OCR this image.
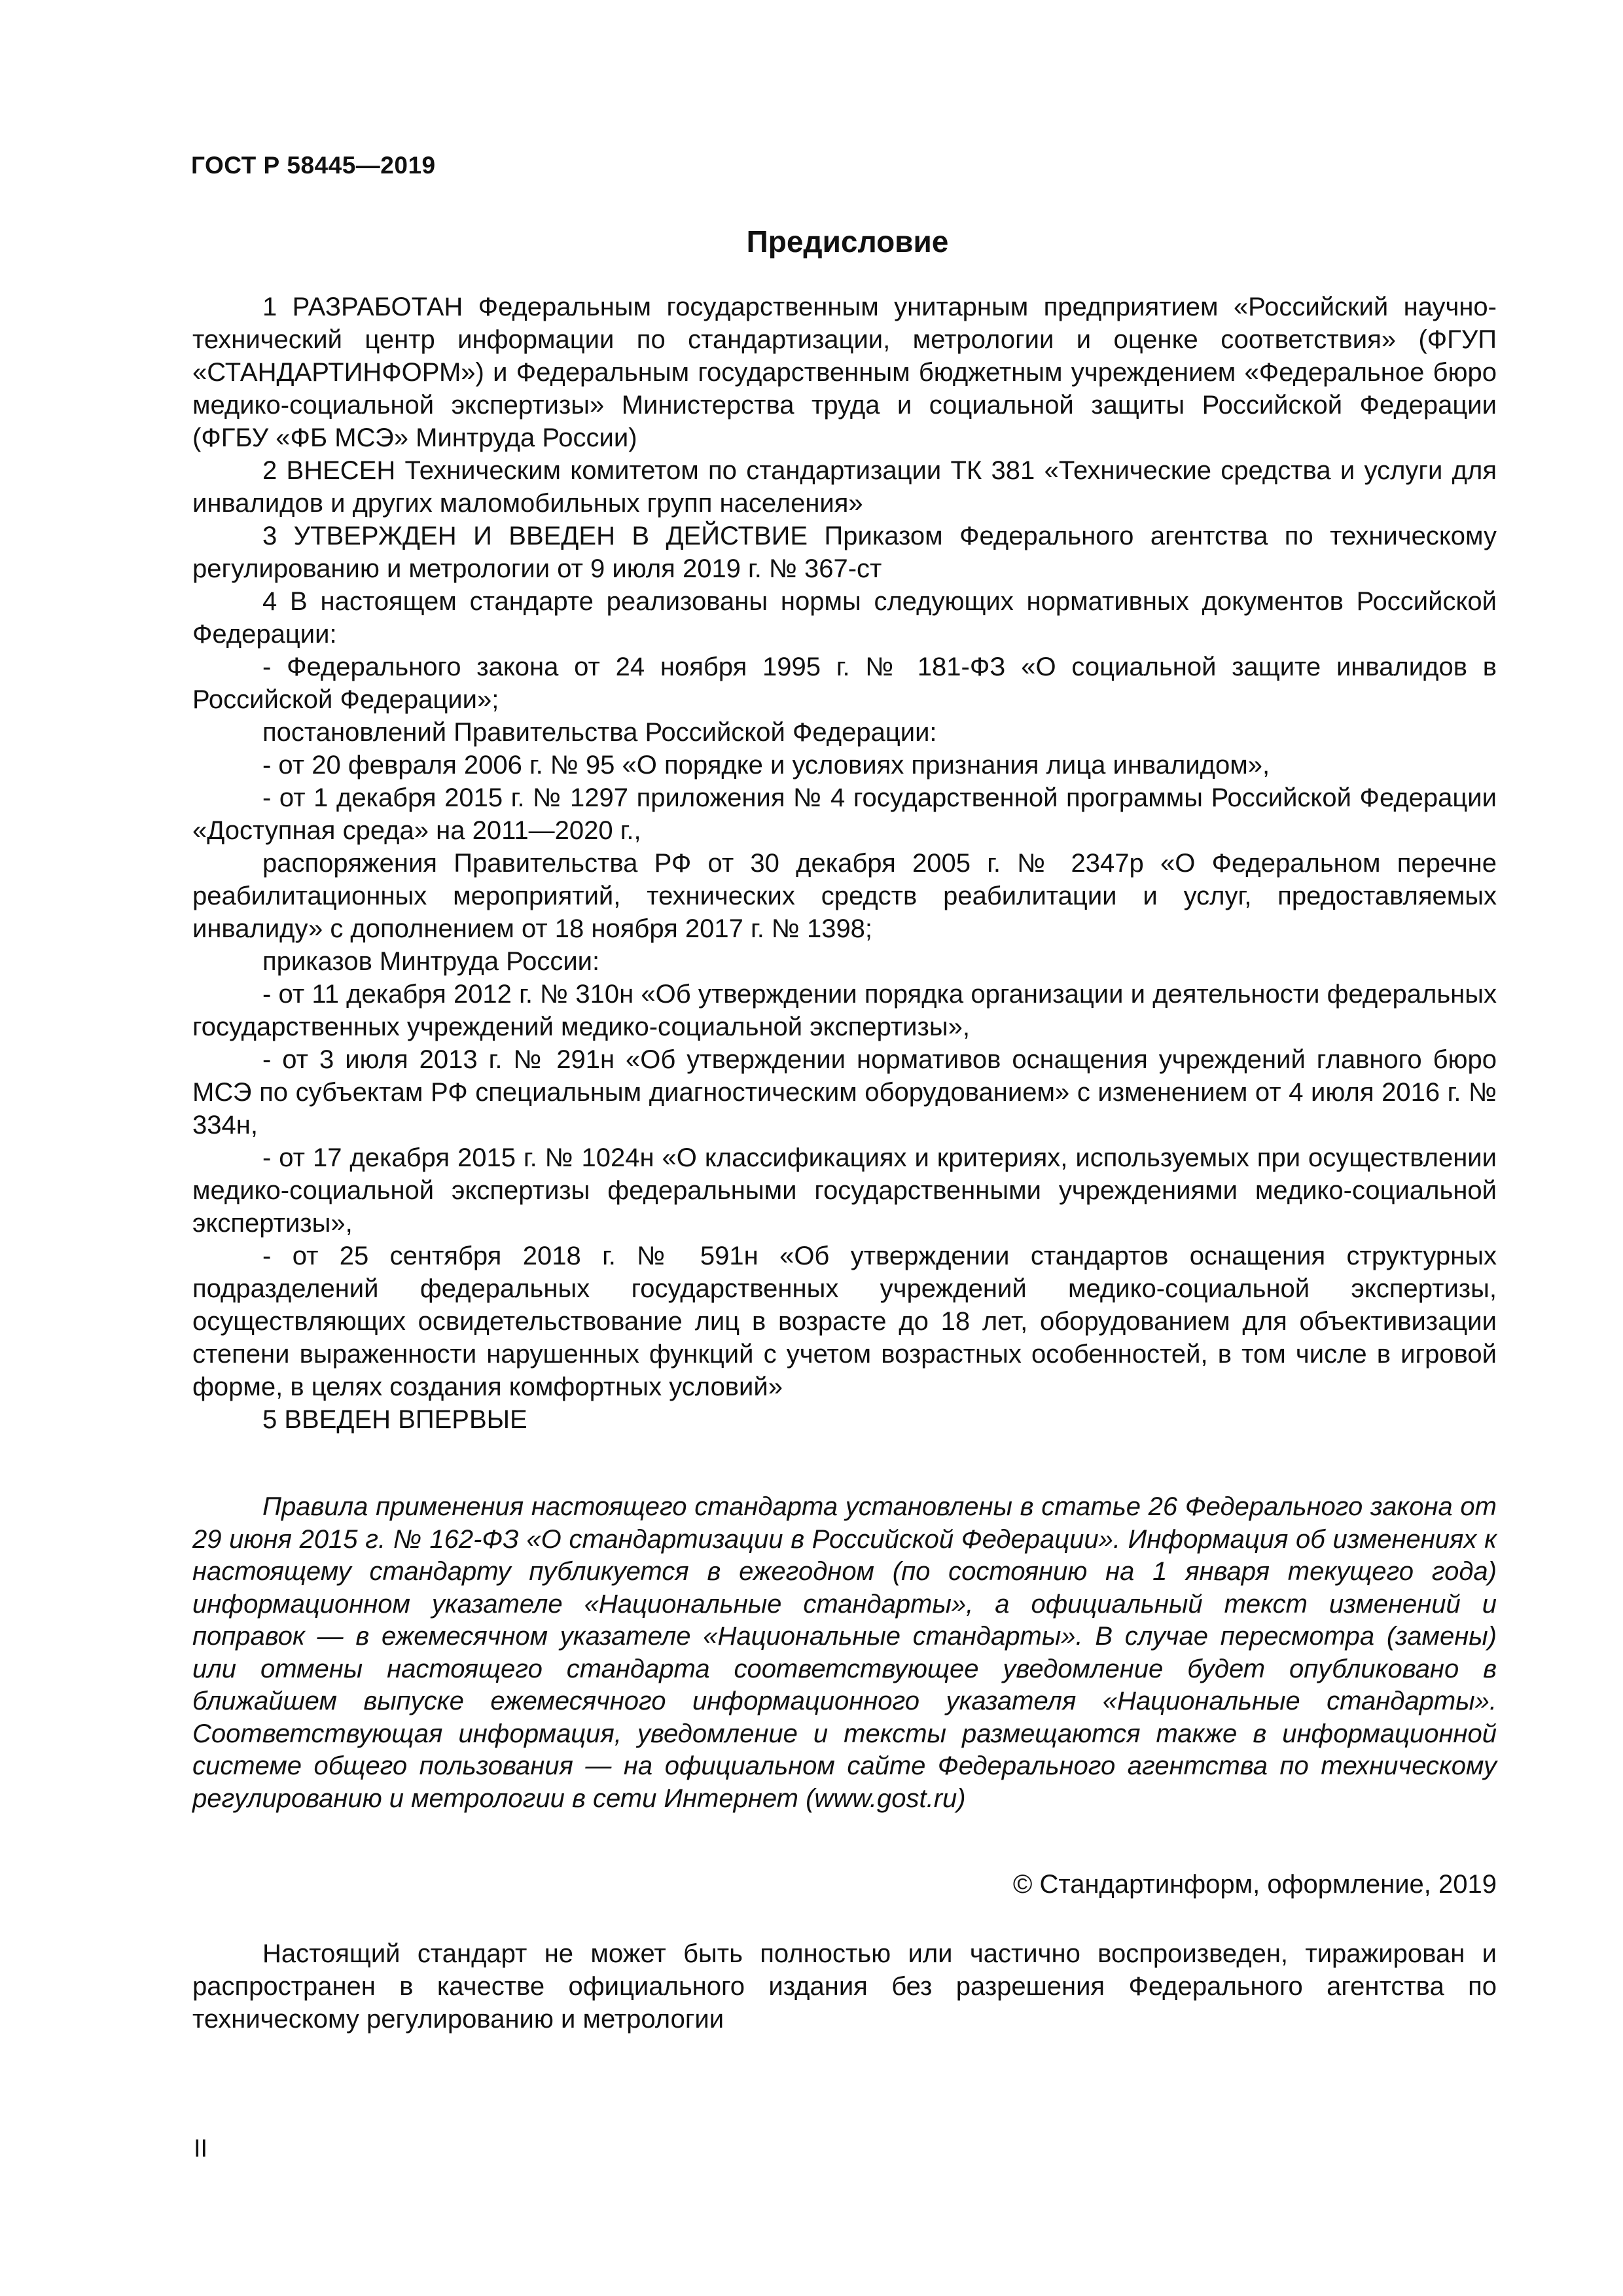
ГОСТ Р 58445—2019
Предисловие

1 РАЗРАБОТАН Федеральным государственным унитарным предприятием «Российский научно-технический центр информации по стандартизации, метрологии и оценке соответствия» (ФГУП «СТАНДАРТИНФОРМ») и Федеральным государственным бюджетным учреждением «Федеральное бюро медико-социальной экспертизы» Министерства труда и социальной защиты Российской Федерации (ФГБУ «ФБ МСЭ» Минтруда России)

2 ВНЕСЕН Техническим комитетом по стандартизации ТК 381 «Технические средства и услуги для инвалидов и других маломобильных групп населения»

3 УТВЕРЖДЕН И ВВЕДЕН В ДЕЙСТВИЕ Приказом Федерального агентства по техническому регулированию и метрологии от 9 июля 2019 г. № 367-ст

4 В настоящем стандарте реализованы нормы следующих нормативных документов Российской Федерации:

- Федерального закона от 24 ноября 1995 г. № 181-ФЗ «О социальной защите инвалидов в Российской Федерации»;

постановлений Правительства Российской Федерации:

- от 20 февраля 2006 г. № 95 «О порядке и условиях признания лица инвалидом»,

- от 1 декабря 2015 г. № 1297 приложения № 4 государственной программы Российской Федерации «Доступная среда» на 2011—2020 г.,

распоряжения Правительства РФ от 30 декабря 2005 г. № 2347р «О Федеральном перечне реабилитационных мероприятий, технических средств реабилитации и услуг, предоставляемых инвалиду» с дополнением от 18 ноября 2017 г. № 1398;

приказов Минтруда России:

- от 11 декабря 2012 г. № 310н «Об утверждении порядка организации и деятельности федеральных государственных учреждений медико-социальной экспертизы»,

- от 3 июля 2013 г. № 291н «Об утверждении нормативов оснащения учреждений главного бюро МСЭ по субъектам РФ специальным диагностическим оборудованием» с изменением от 4 июля 2016 г. № 334н,

- от 17 декабря 2015 г. № 1024н «О классификациях и критериях, используемых при осуществлении медико-социальной экспертизы федеральными государственными учреждениями медико-социальной экспертизы»,

- от 25 сентября 2018 г. № 591н «Об утверждении стандартов оснащения структурных подразделений федеральных государственных учреждений медико-социальной экспертизы, осуществляющих освидетельствование лиц в возрасте до 18 лет, оборудованием для объективизации степени выраженности нарушенных функций с учетом возрастных особенностей, в том числе в игровой форме, в целях создания комфортных условий»

5 ВВЕДЕН ВПЕРВЫЕ

Правила применения настоящего стандарта установлены в статье 26 Федерального закона от 29 июня 2015 г. № 162-ФЗ «О стандартизации в Российской Федерации». Информация об изменениях к настоящему стандарту публикуется в ежегодном (по состоянию на 1 января текущего года) информационном указателе «Национальные стандарты», а официальный текст изменений и поправок — в ежемесячном указателе «Национальные стандарты». В случае пересмотра (замены) или отмены настоящего стандарта соответствующее уведомление будет опубликовано в ближайшем выпуске ежемесячного информационного указателя «Национальные стандарты». Соответствующая информация, уведомление и тексты размещаются также в информационной системе общего пользования — на официальном сайте Федерального агентства по техническому регулированию и метрологии в сети Интернет (www.gost.ru)

© Стандартинформ, оформление, 2019

Настоящий стандарт не может быть полностью или частично воспроизведен, тиражирован и распространен в качестве официального издания без разрешения Федерального агентства по техническому регулированию и метрологии

II
